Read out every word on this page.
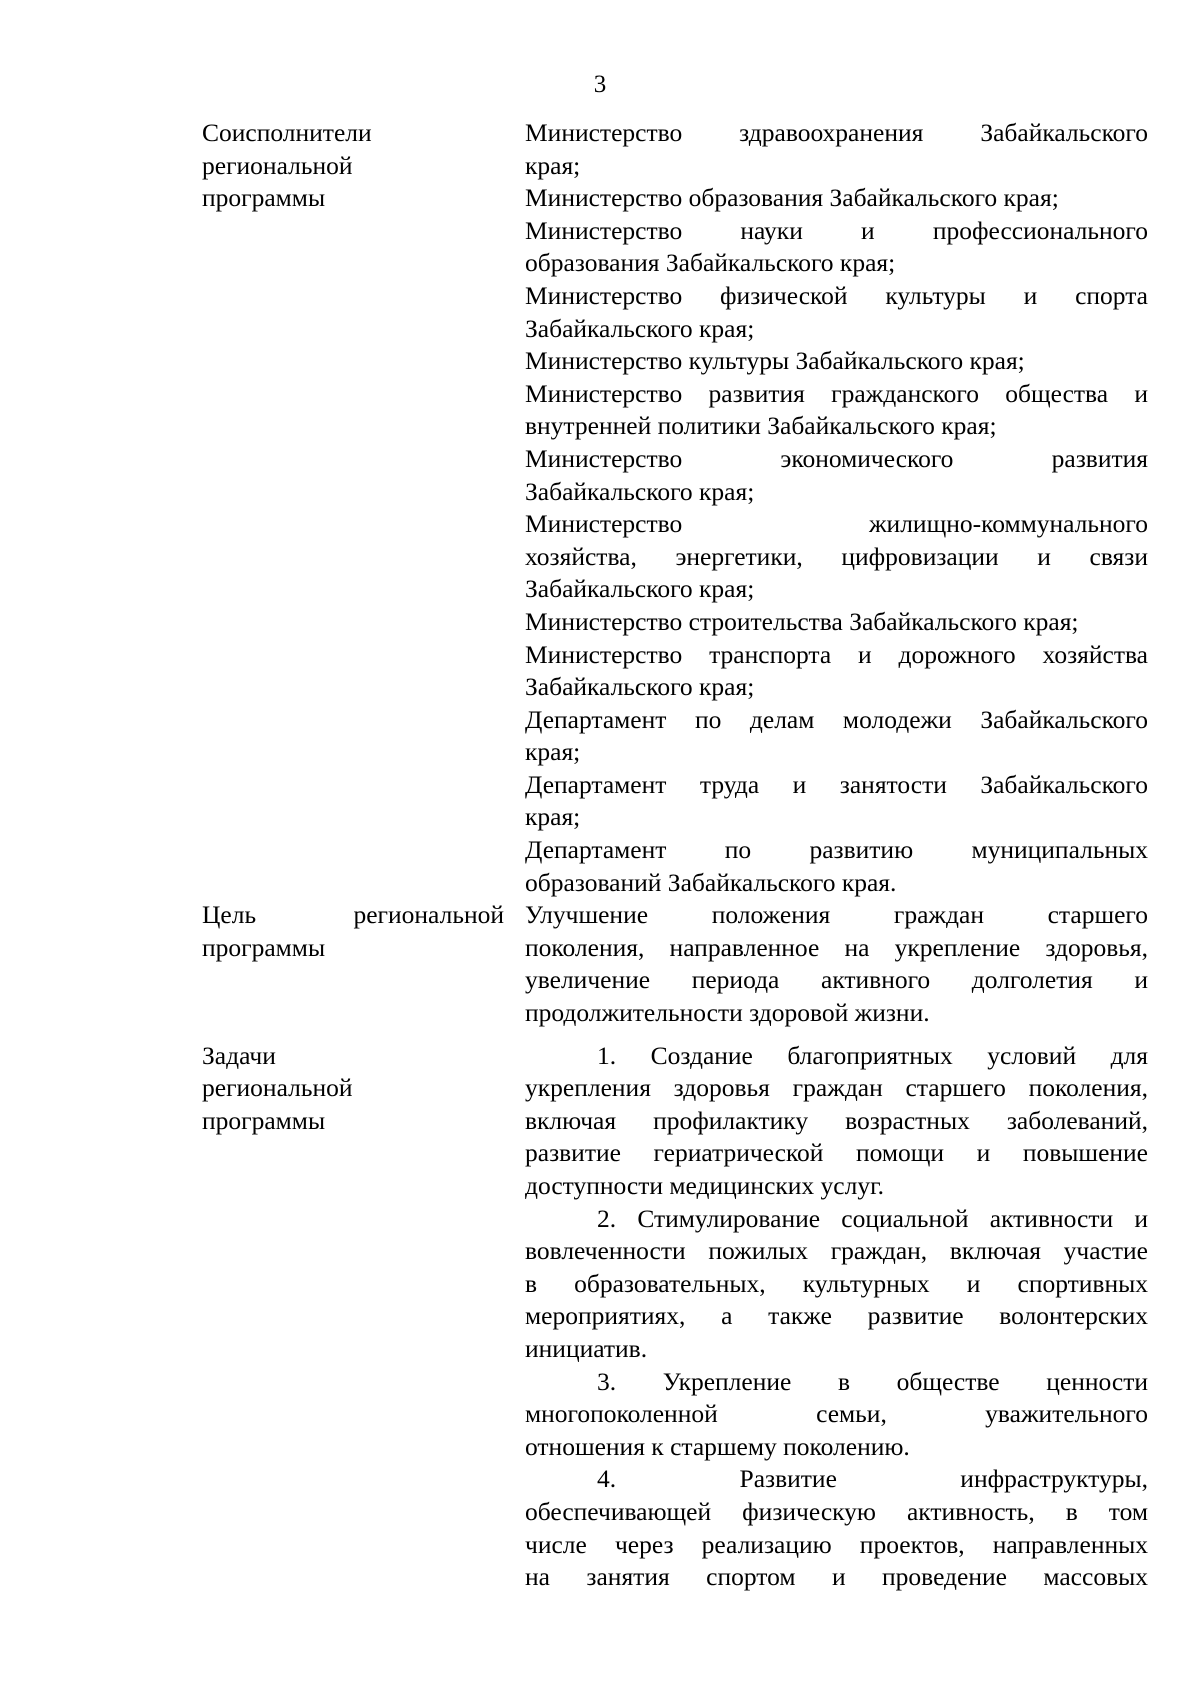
3
Соисполнители
региональной
программы
Министерство здравоохранения Забайкальского
края;
Министерство образования Забайкальского края;
Министерство науки и профессионального
образования Забайкальского края;
Министерство физической культуры и спорта
Забайкальского края;
Министерство культуры Забайкальского края;
Министерство развития гражданского общества и
внутренней политики Забайкальского края;
Министерство экономического развития
Забайкальского края;
Министерство жилищно-коммунального
хозяйства, энергетики, цифровизации и связи
Забайкальского края;
Министерство строительства Забайкальского края;
Министерство транспорта и дорожного хозяйства
Забайкальского края;
Департамент по делам молодежи Забайкальского
края;
Департамент труда и занятости Забайкальского
края;
Департамент по развитию муниципальных
образований Забайкальского края.
Цель региональной
программы
Улучшение положения граждан старшего
поколения, направленное на укрепление здоровья,
увеличение периода активного долголетия и
продолжительности здоровой жизни.
Задачи
региональной
программы
1. Создание благоприятных условий для
укрепления здоровья граждан старшего поколения,
включая профилактику возрастных заболеваний,
развитие гериатрической помощи и повышение
доступности медицинских услуг.
2. Стимулирование социальной активности и
вовлеченности пожилых граждан, включая участие
в образовательных, культурных и спортивных
мероприятиях, а также развитие волонтерских
инициатив.
3. Укрепление в обществе ценности
многопоколенной семьи, уважительного
отношения к старшему поколению.
4. Развитие инфраструктуры,
обеспечивающей физическую активность, в том
числе через реализацию проектов, направленных
на занятия спортом и проведение массовых
